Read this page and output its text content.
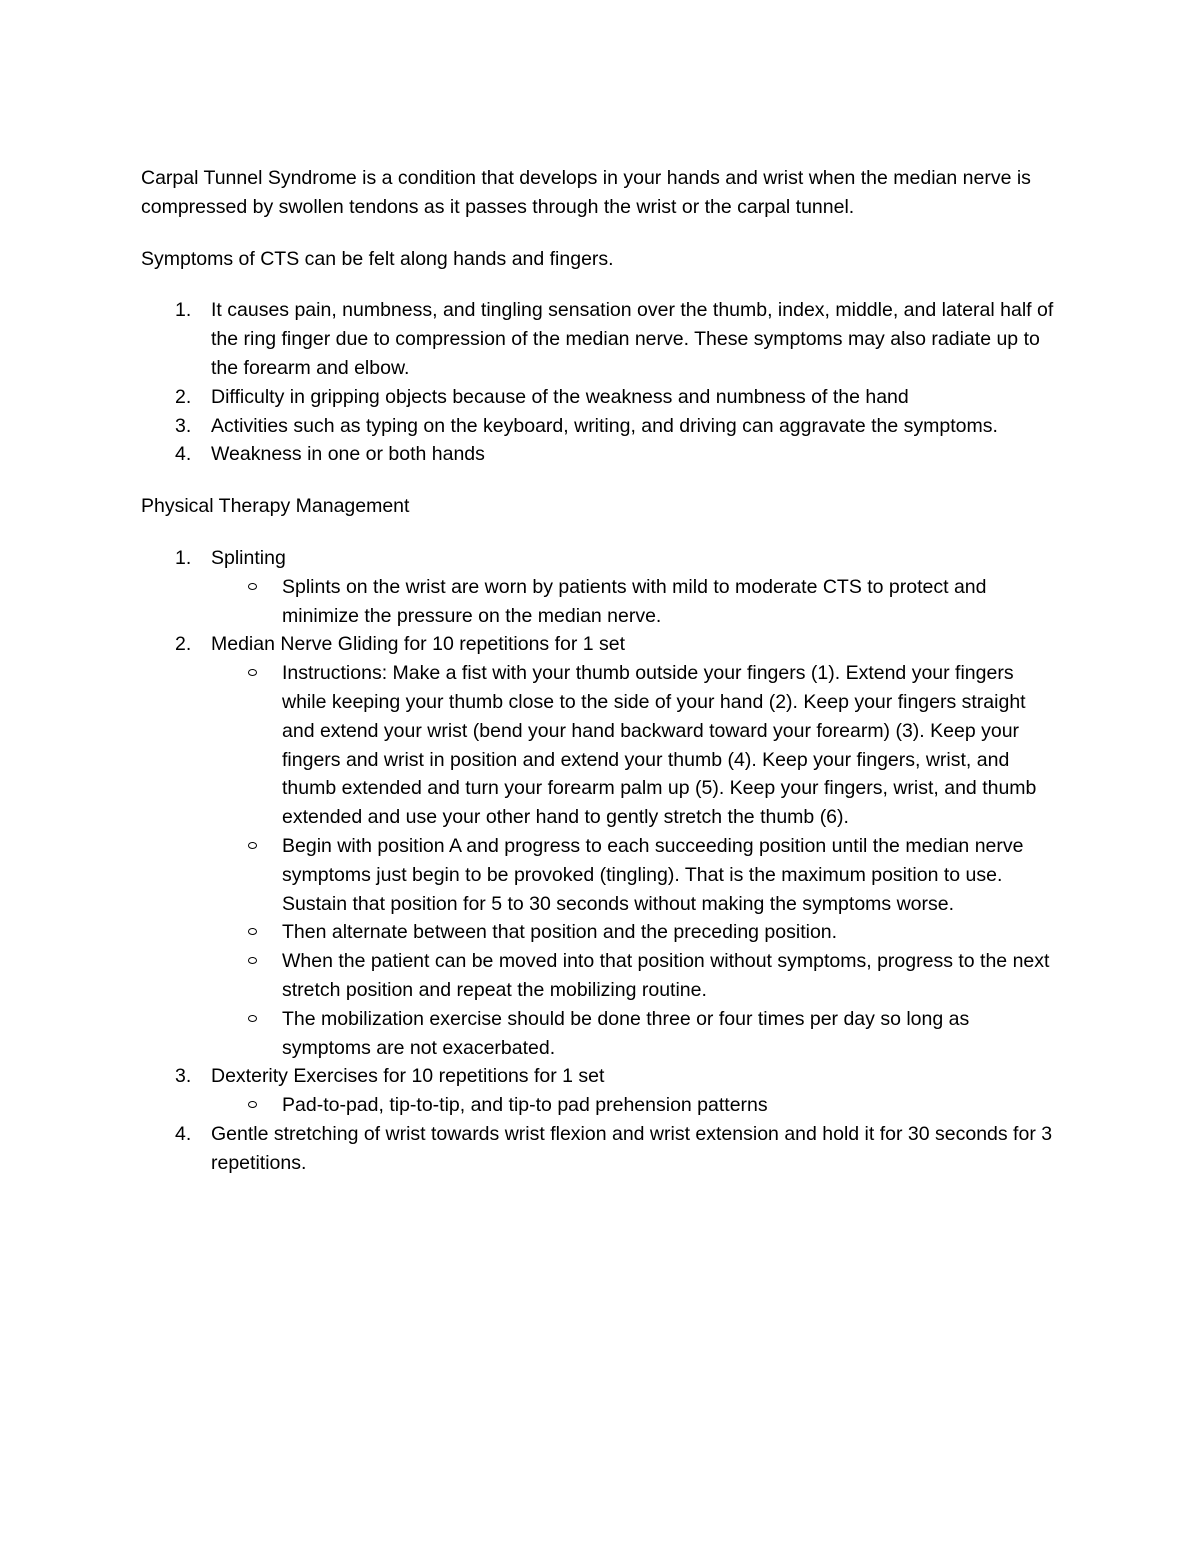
Carpal Tunnel Syndrome is a condition that develops in your hands and wrist when the median nerve is compressed by swollen tendons as it passes through the wrist or the carpal tunnel.

Symptoms of CTS can be felt along hands and fingers.

1. It causes pain, numbness, and tingling sensation over the thumb, index, middle, and lateral half of the ring finger due to compression of the median nerve. These symptoms may also radiate up to the forearm and elbow.
2. Difficulty in gripping objects because of the weakness and numbness of the hand
3. Activities such as typing on the keyboard, writing, and driving can aggravate the symptoms.
4. Weakness in one or both hands

Physical Therapy Management

1. Splinting
Splints on the wrist are worn by patients with mild to moderate CTS to protect and minimize the pressure on the median nerve.
2. Median Nerve Gliding for 10 repetitions for 1 set
Instructions: Make a fist with your thumb outside your fingers (1). Extend your fingers while keeping your thumb close to the side of your hand (2). Keep your fingers straight and extend your wrist (bend your hand backward toward your forearm) (3). Keep your fingers and wrist in position and extend your thumb (4). Keep your fingers, wrist, and thumb extended and turn your forearm palm up (5). Keep your fingers, wrist, and thumb extended and use your other hand to gently stretch the thumb (6).
Begin with position A and progress to each succeeding position until the median nerve symptoms just begin to be provoked (tingling). That is the maximum position to use. Sustain that position for 5 to 30 seconds without making the symptoms worse.
Then alternate between that position and the preceding position.
When the patient can be moved into that position without symptoms, progress to the next stretch position and repeat the mobilizing routine.
The mobilization exercise should be done three or four times per day so long as symptoms are not exacerbated.
3. Dexterity Exercises for 10 repetitions for 1 set
Pad-to-pad, tip-to-tip, and tip-to pad prehension patterns
4. Gentle stretching of wrist towards wrist flexion and wrist extension and hold it for 30 seconds for 3 repetitions.
